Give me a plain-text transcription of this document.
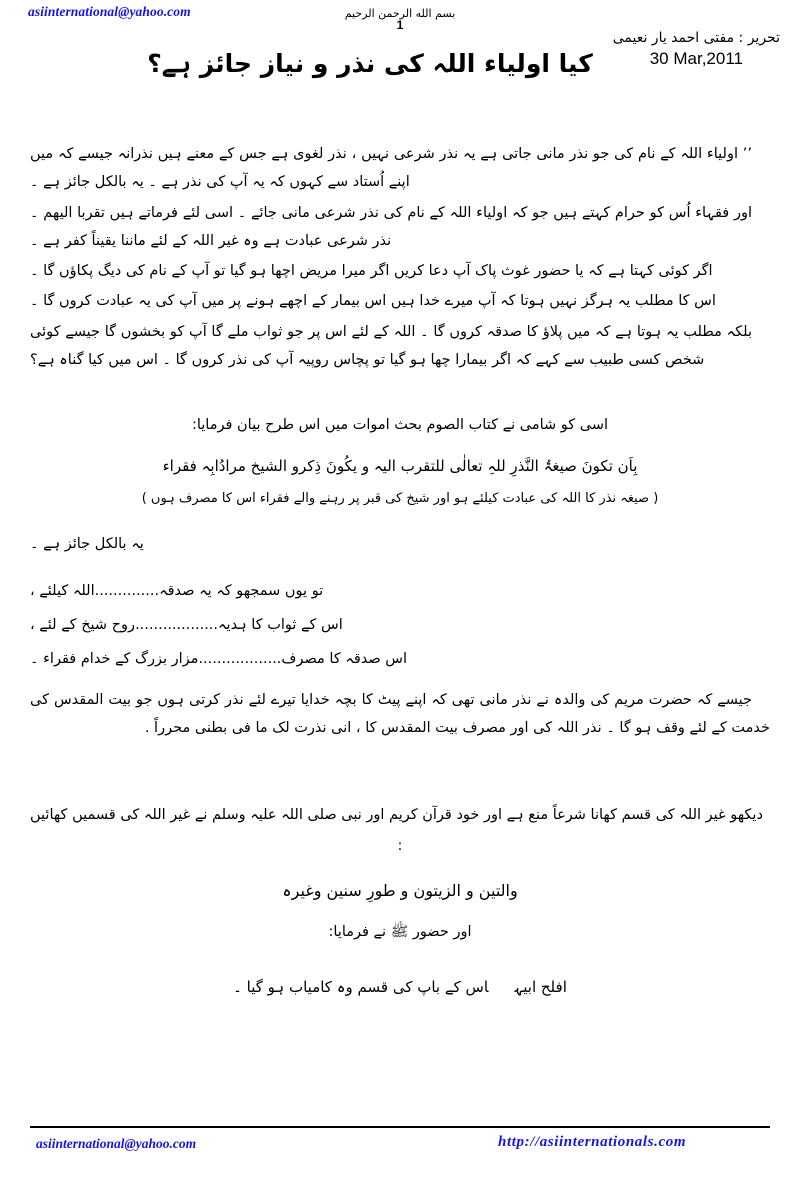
asiinternational@yahoo.com	بسم الله الرحمن الرحيم
1
تحریر : مفتی احمد یار نعیمی
30 Mar,2011
کیا اولیاء اللہ کی نذر و نیاز جائز ہے؟

’’ اولیاء اللہ کے نام کی جو نذر مانی جاتی ہے یہ نذر شرعی نہیں ، نذر لغوی ہے جس کے معنے ہیں نذرانہ جیسے کہ میں اپنے اُستاد سے کہوں کہ یہ آپ کی نذر ہے ۔ یہ بالکل جائز ہے ۔

اور فقہاء اُس کو حرام کہتے ہیں جو کہ اولیاء اللہ کے نام کی نذر شرعی مانی جائے ۔ اسی لئے فرماتے ہیں تقربا الیھم ۔ نذر شرعی عبادت ہے وہ غیر اللہ کے لئے ماننا یقیناً کفر ہے ۔

اگر کوئی کہتا ہے کہ یا حضور غوث پاک آپ دعا کریں اگر میرا مریض اچھا ہو گیا تو آپ کے نام کی دیگ پکاؤں گا ۔

اس کا مطلب یہ ہرگز نہیں ہوتا کہ آپ میرے خدا ہیں اس بیمار کے اچھے ہونے پر میں آپ کی یہ عبادت کروں گا ۔

بلکہ مطلب یہ ہوتا ہے کہ میں پلاؤ کا صدقہ کروں گا ۔ اللہ کے لئے اس پر جو ثواب ملے گا آپ کو بخشوں گا جیسے کوئی شخص کسی طبیب سے کہے کہ اگر بیمارا چھا ہو گیا تو پچاس روپیہ آپ کی نذر کروں گا ۔ اس میں کیا گناہ ہے؟

اسی کو شامی نے کتاب الصوم بحث اموات میں اس طرح بیان فرمایا:

بِاَن تکونَ صیغۃُ النَّذرِ للہِ تعالٰی للتقرب الیہ و یکُونَ ذِکرو الشیخ مرادُابِہ فقراء

( صیغہ نذر کا اللہ کی عبادت کیلئے ہو اور شیخ کی قبر پر رہنے والے فقراء اس کا مصرف ہوں )

یہ بالکل جائز ہے ۔

تو یوں سمجھو کہ یہ صدقہ..............اللہ کیلئے ،
اس کے ثواب کا ہدیہ..................روح شیخ کے لئے ،
اس صدقہ کا مصرف..................مزار بزرگ کے خدام فقراء ۔

جیسے کہ حضرت مریم کی والدہ نے نذر مانی تھی کہ اپنے پیٹ کا بچہ خدایا تیرے لئے نذر کرتی ہوں جو بیت المقدس کی خدمت کے لئے وقف ہو گا ۔ نذر اللہ کی اور مصرف بیت المقدس کا ، انی نذرت لک ما فی بطنی محرراً .

دیکھو غیر اللہ کی قسم کھانا شرعاً منع ہے اور خود قرآن کریم اور نبی صلی اللہ علیہ وسلم نے غیر اللہ کی قسمیں کھائیں :

والتین و الزیتون و طورِ سنین وغیرہ

اور حضور ﷺ نے فرمایا:

افلح ابیہاس کے باپ کی قسم وہ کامیاب ہو گیا ۔
asiinternational@yahoo.com	http://asiinternationals.com
